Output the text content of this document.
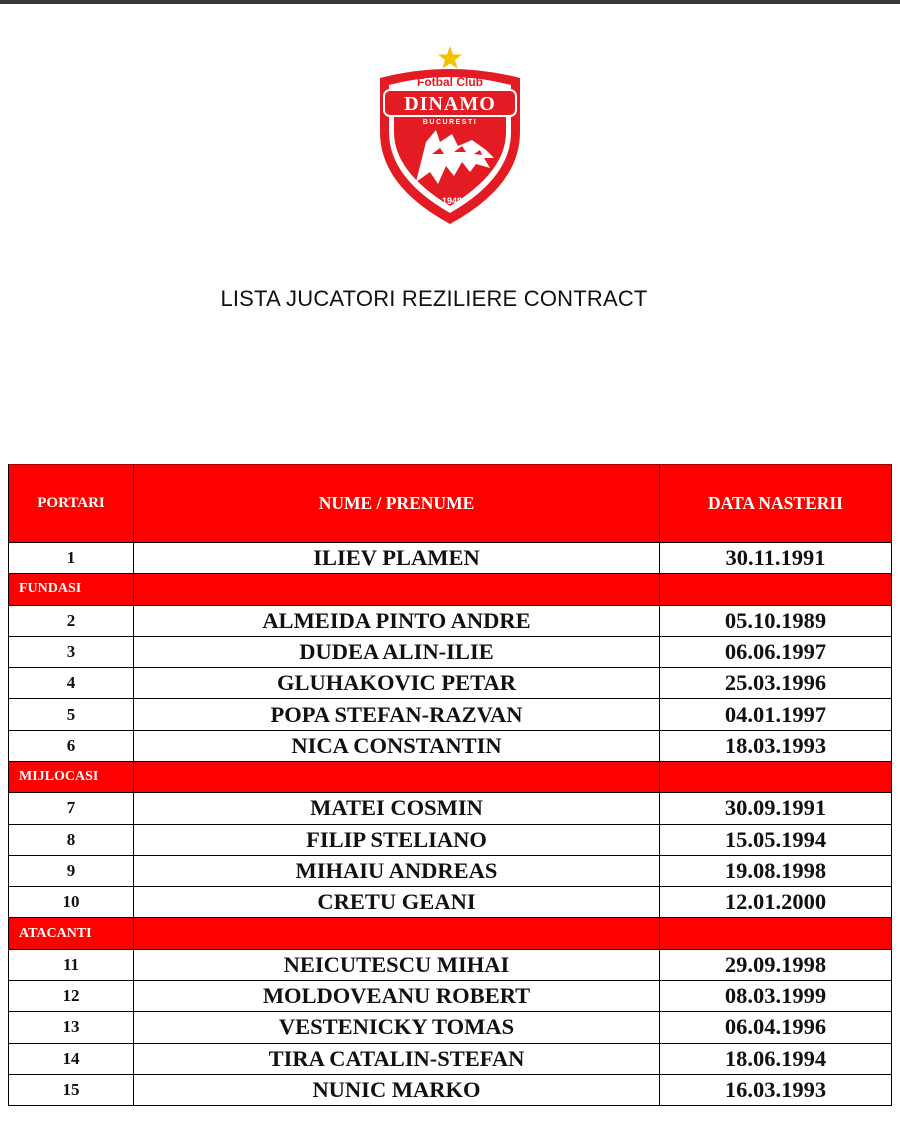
Fotbal Club
DINAMO
BUCURESTI
1948
LISTA JUCATORI REZILIERE CONTRACT
PORTARI	NUME / PRENUME	DATA NASTERII
1	ILIEV PLAMEN	30.11.1991
FUNDASI
2	ALMEIDA PINTO ANDRE	05.10.1989
3	DUDEA ALIN-ILIE	06.06.1997
4	GLUHAKOVIC PETAR	25.03.1996
5	POPA STEFAN-RAZVAN	04.01.1997
6	NICA CONSTANTIN	18.03.1993
MIJLOCASI
7	MATEI COSMIN	30.09.1991
8	FILIP STELIANO	15.05.1994
9	MIHAIU ANDREAS	19.08.1998
10	CRETU GEANI	12.01.2000
ATACANTI
11	NEICUTESCU MIHAI	29.09.1998
12	MOLDOVEANU ROBERT	08.03.1999
13	VESTENICKY TOMAS	06.04.1996
14	TIRA CATALIN-STEFAN	18.06.1994
15	NUNIC MARKO	16.03.1993
